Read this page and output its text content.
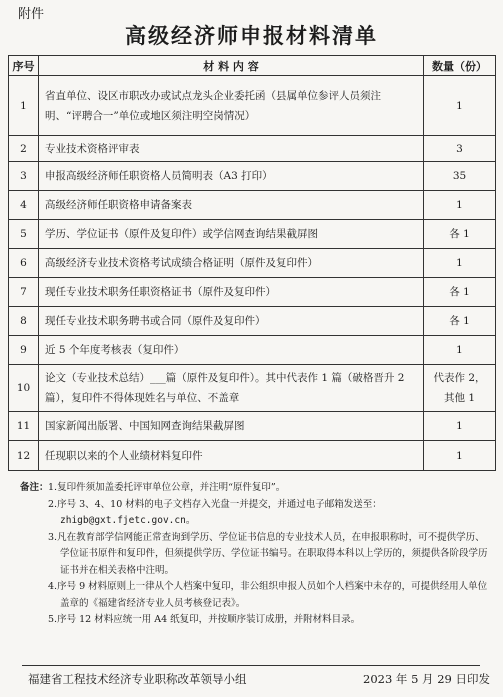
附件
高级经济师申报材料清单
序号	材 料 内 容	数量（份）
1	省直单位、设区市职改办或试点龙头企业委托函（县属单位参评人员须注明、“评聘合一”单位或地区须注明空岗情况）	1
2	专业技术资格评审表	3
3	申报高级经济师任职资格人员简明表（A3 打印）	35
4	高级经济师任职资格申请备案表	1
5	学历、学位证书（原件及复印件）或学信网查询结果截屏图	各 1
6	高级经济专业技术资格考试成绩合格证明（原件及复印件）	1
7	现任专业技术职务任职资格证书（原件及复印件）	各 1
8	现任专业技术职务聘书或合同（原件及复印件）	各 1
9	近 5 个年度考核表（复印件）	1
10	论文（专业技术总结）___篇（原件及复印件）。其中代表作 1 篇（破格晋升 2 篇），复印件不得体现姓名与单位、不盖章	代表作 2，
其他 1

11	国家新闻出版署、中国知网查询结果截屏图	1
12	任现职以来的个人业绩材料复印件	1
备注： 1.复印件须加盖委托评审单位公章，并注明“原件复印”。
2.序号 3、4、10 材料的电子文档存入光盘一并提交，并通过电子邮箱发送至：zhigb@gxt.fjetc.gov.cn。
3.凡在教育部学信网能正常查询到学历、学位证书信息的专业技术人员，在申报职称时，可不提供学历、学位证书原件和复印件，但须提供学历、学位证书编号。在职取得本科以上学历的，须提供各阶段学历证书并在相关表格中注明。
4.序号 9 材料原则上一律从个人档案中复印，非公组织申报人员如个人档案中未存的，可提供经用人单位盖章的《福建省经济专业人员考核登记表》。
5.序号 12 材料应统一用 A4 纸复印，并按顺序装订成册，并附材料目录。
福建省工程技术经济专业职称改革领导小组	2023 年 5 月 29 日印发
